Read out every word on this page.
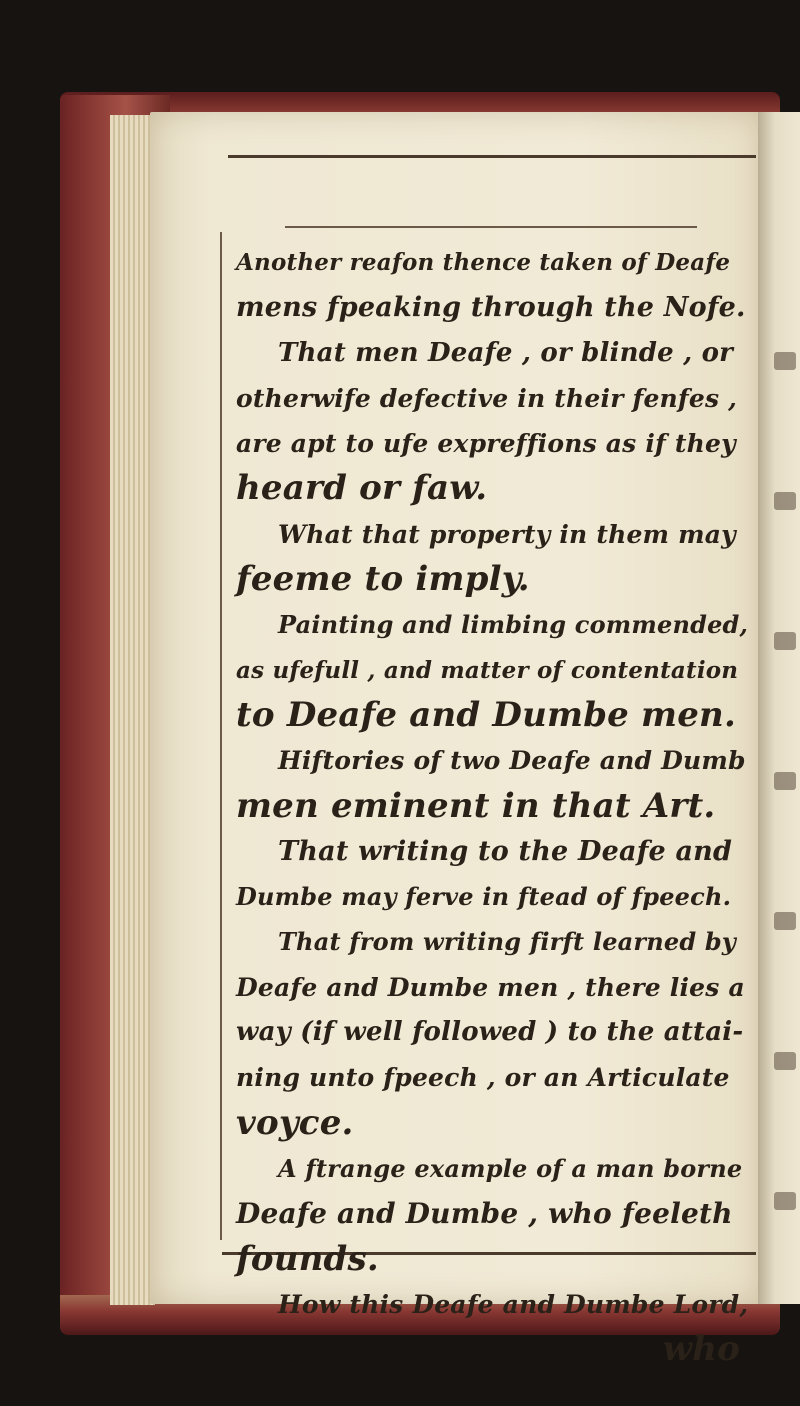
Another reafon thence taken of Deafe
mens fpeaking through the Nofe.
That men Deafe , or blinde , or
otherwife defective in their fenfes ,
are apt to ufe expreffions as if they
heard or faw.
What that property in them may
feeme to imply.
Painting and limbing commended,
as ufefull , and matter of contentation
to Deafe and Dumbe men.
Hiftories of two Deafe and Dumb
men eminent in that Art.
That writing to the Deafe and
Dumbe may ferve in ftead of fpeech.
That from writing firft learned by
Deafe and Dumbe men , there lies a
way (if well followed ) to the attai-
ning unto fpeech , or an Articulate
voyce.
A ftrange example of a man borne
Deafe and Dumbe , who feeleth
founds.
How this Deafe and Dumbe Lord,
who
